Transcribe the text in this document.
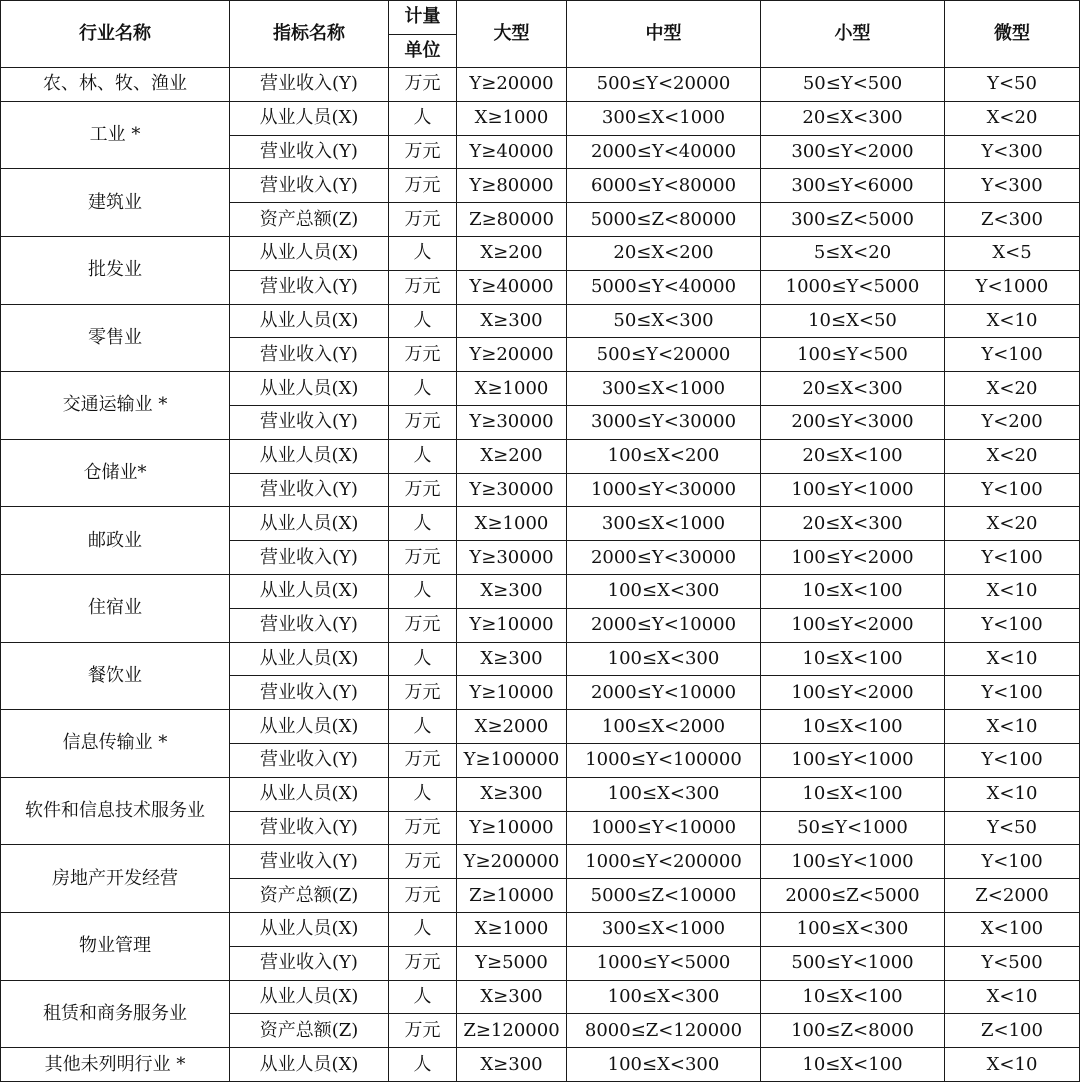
行业名称	指标名称	计量	大型	中型	小型	微型
		单位				
农、林、牧、渔业	营业收入(Y)	万元	Y≥20000	500≤Y<20000	50≤Y<500	Y<50
工业 *	从业人员(X)	人	X≥1000	300≤X<1000	20≤X<300	X<20
	营业收入(Y)	万元	Y≥40000	2000≤Y<40000	300≤Y<2000	Y<300
建筑业	营业收入(Y)	万元	Y≥80000	6000≤Y<80000	300≤Y<6000	Y<300
	资产总额(Z)	万元	Z≥80000	5000≤Z<80000	300≤Z<5000	Z<300
批发业	从业人员(X)	人	X≥200	20≤X<200	5≤X<20	X<5
	营业收入(Y)	万元	Y≥40000	5000≤Y<40000	1000≤Y<5000	Y<1000
零售业	从业人员(X)	人	X≥300	50≤X<300	10≤X<50	X<10
	营业收入(Y)	万元	Y≥20000	500≤Y<20000	100≤Y<500	Y<100
交通运输业 *	从业人员(X)	人	X≥1000	300≤X<1000	20≤X<300	X<20
	营业收入(Y)	万元	Y≥30000	3000≤Y<30000	200≤Y<3000	Y<200
仓储业*	从业人员(X)	人	X≥200	100≤X<200	20≤X<100	X<20
	营业收入(Y)	万元	Y≥30000	1000≤Y<30000	100≤Y<1000	Y<100
邮政业	从业人员(X)	人	X≥1000	300≤X<1000	20≤X<300	X<20
	营业收入(Y)	万元	Y≥30000	2000≤Y<30000	100≤Y<2000	Y<100
住宿业	从业人员(X)	人	X≥300	100≤X<300	10≤X<100	X<10
	营业收入(Y)	万元	Y≥10000	2000≤Y<10000	100≤Y<2000	Y<100
餐饮业	从业人员(X)	人	X≥300	100≤X<300	10≤X<100	X<10
	营业收入(Y)	万元	Y≥10000	2000≤Y<10000	100≤Y<2000	Y<100
信息传输业 *	从业人员(X)	人	X≥2000	100≤X<2000	10≤X<100	X<10
	营业收入(Y)	万元	Y≥100000	1000≤Y<100000	100≤Y<1000	Y<100
软件和信息技术服务业	从业人员(X)	人	X≥300	100≤X<300	10≤X<100	X<10
	营业收入(Y)	万元	Y≥10000	1000≤Y<10000	50≤Y<1000	Y<50
房地产开发经营	营业收入(Y)	万元	Y≥200000	1000≤Y<200000	100≤Y<1000	Y<100
	资产总额(Z)	万元	Z≥10000	5000≤Z<10000	2000≤Z<5000	Z<2000
物业管理	从业人员(X)	人	X≥1000	300≤X<1000	100≤X<300	X<100
	营业收入(Y)	万元	Y≥5000	1000≤Y<5000	500≤Y<1000	Y<500
租赁和商务服务业	从业人员(X)	人	X≥300	100≤X<300	10≤X<100	X<10
	资产总额(Z)	万元	Z≥120000	8000≤Z<120000	100≤Z<8000	Z<100
其他未列明行业 *	从业人员(X)	人	X≥300	100≤X<300	10≤X<100	X<10
